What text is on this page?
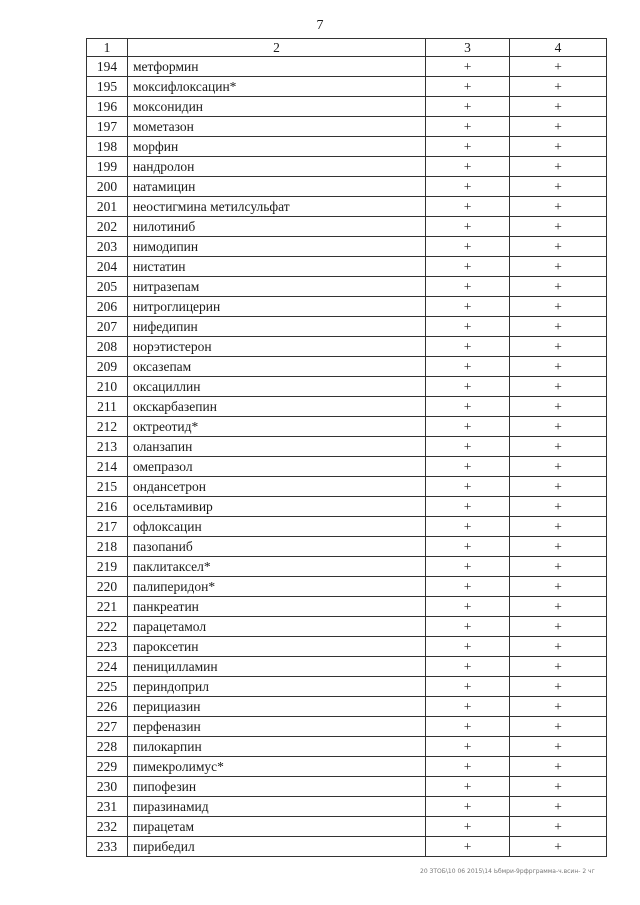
7
1	2	3	4
194	метформин	+	+
195	моксифлоксацин*	+	+
196	моксонидин	+	+
197	мометазон	+	+
198	морфин	+	+
199	нандролон	+	+
200	натамицин	+	+
201	неостигмина метилсульфат	+	+
202	нилотиниб	+	+
203	нимодипин	+	+
204	нистатин	+	+
205	нитразепам	+	+
206	нитроглицерин	+	+
207	нифедипин	+	+
208	норэтистерон	+	+
209	оксазепам	+	+
210	оксациллин	+	+
211	окскарбазепин	+	+
212	октреотид*	+	+
213	оланзапин	+	+
214	омепразол	+	+
215	ондансетрон	+	+
216	осельтамивир	+	+
217	офлоксацин	+	+
218	пазопаниб	+	+
219	паклитаксел*	+	+
220	палиперидон*	+	+
221	панкреатин	+	+
222	парацетамол	+	+
223	пароксетин	+	+
224	пеницилламин	+	+
225	периндоприл	+	+
226	перициазин	+	+
227	перфеназин	+	+
228	пилокарпин	+	+
229	пимекролимус*	+	+
230	пипофезин	+	+
231	пиразинамид	+	+
232	пирацетам	+	+
233	пирибедил	+	+
20 ЗТОБ\10 06 2015\14 Ьбмри-9рфрграмма-ч.всин- 2 чг
